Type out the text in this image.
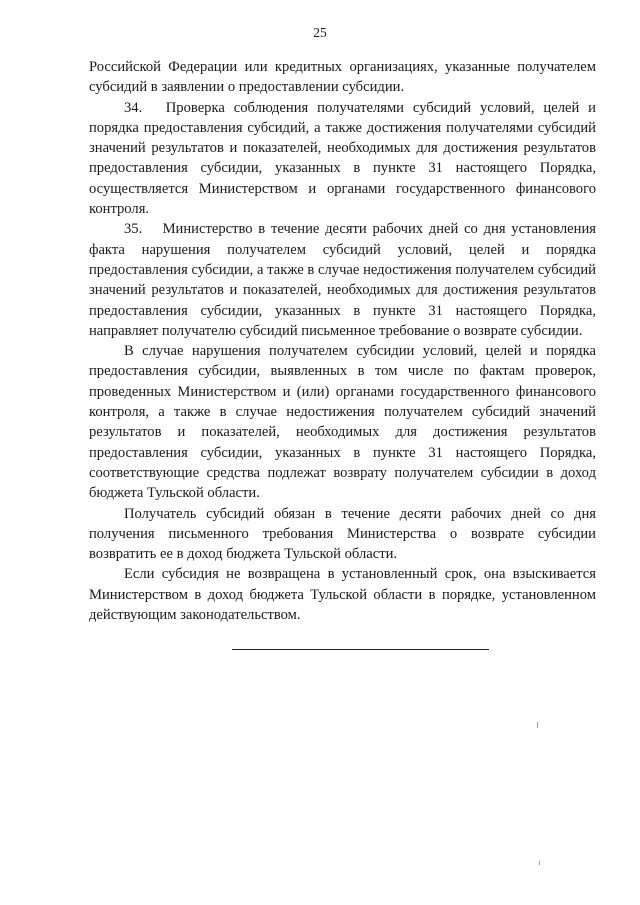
25

Российской Федерации или кредитных организациях, указанные получателем субсидий в заявлении о предоставлении субсидии.

34.  Проверка соблюдения получателями субсидий условий, целей и порядка предоставления субсидий, а также достижения получателями субсидий значений результатов и показателей, необходимых для достижения результатов предоставления субсидии, указанных в пункте 31 настоящего Порядка, осуществляется Министерством и органами государственного финансового контроля.

35.  Министерство в течение десяти рабочих дней со дня установления факта нарушения получателем субсидий условий, целей и порядка предоставления субсидии, а также в случае недостижения получателем субсидий значений результатов и показателей, необходимых для достижения результатов предоставления субсидии, указанных в пункте 31 настоящего Порядка, направляет получателю субсидий письменное требование о возврате субсидии.

В случае нарушения получателем субсидии условий, целей и порядка предоставления субсидии, выявленных в том числе по фактам проверок, проведенных Министерством и (или) органами государственного финансового контроля, а также в случае недостижения получателем субсидий значений результатов и показателей, необходимых для достижения результатов предоставления субсидии, указанных в пункте 31 настоящего Порядка, соответствующие средства подлежат возврату получателем субсидии в доход бюджета Тульской области.

Получатель субсидий обязан в течение десяти рабочих дней со дня получения письменного требования Министерства о возврате субсидии возвратить ее в доход бюджета Тульской области.

Если субсидия не возвращена в установленный срок, она взыскивается Министерством в доход бюджета Тульской области в порядке, установленном действующим законодательством.
